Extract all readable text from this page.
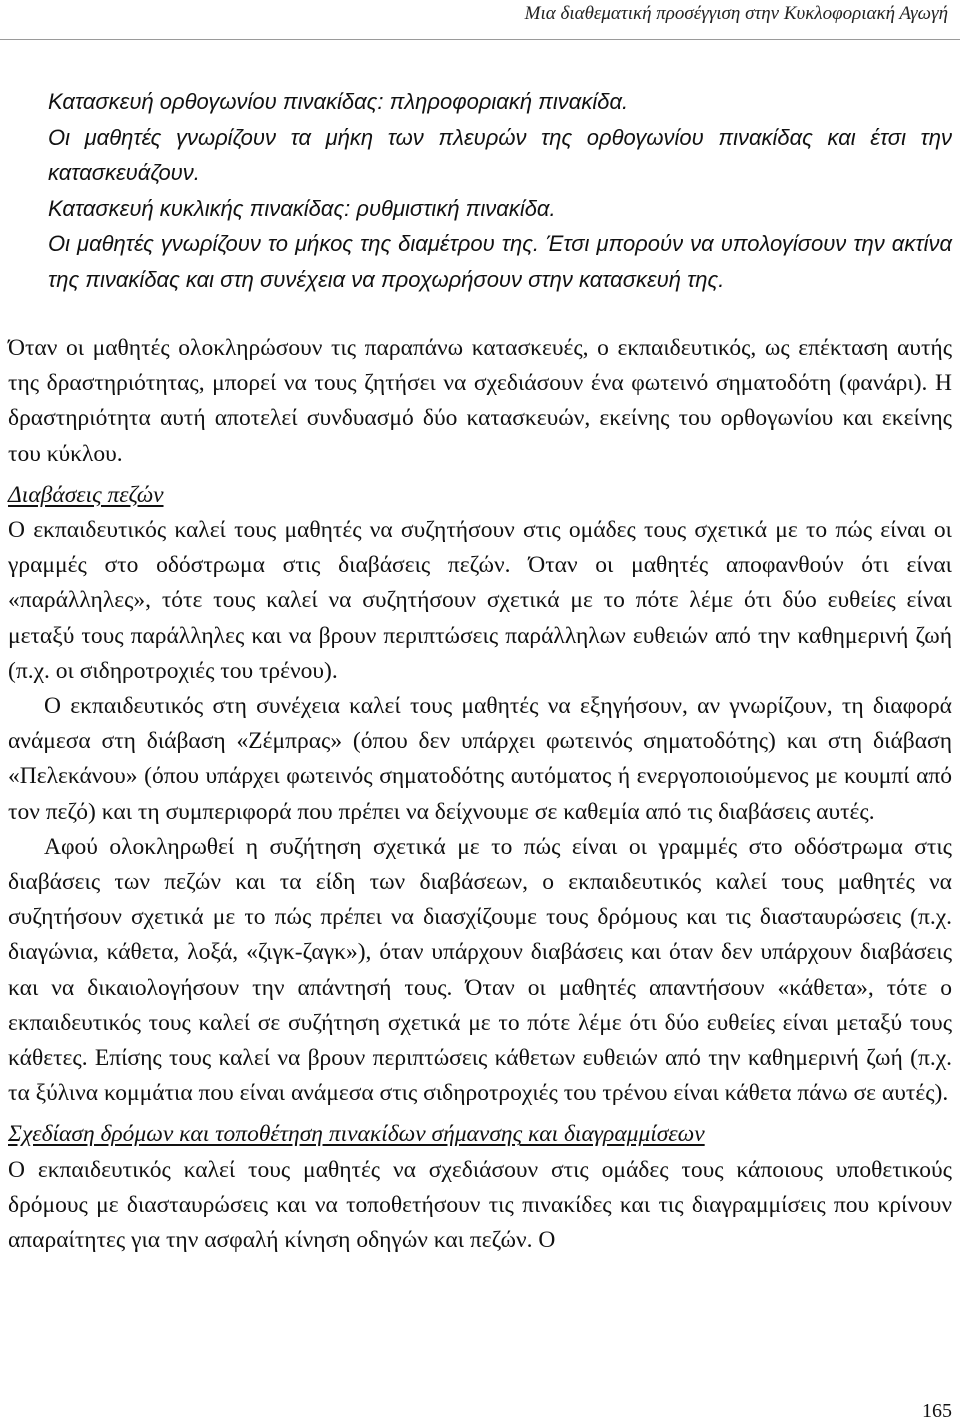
Μια διαθεματική προσέγγιση στην Κυκλοφοριακή Αγωγή

Κατασκευή ορθογωνίου πινακίδας: πληροφοριακή πινακίδα.

Οι μαθητές γνωρίζουν τα μήκη των πλευρών της ορθογωνίου πινακίδας και έτσι την κατασκευάζουν.

Κατασκευή κυκλικής πινακίδας: ρυθμιστική πινακίδα.

Οι μαθητές γνωρίζουν το μήκος της διαμέτρου της. Έτσι μπορούν να υπολογίσουν την ακτίνα της πινακίδας και στη συνέχεια να προχωρήσουν στην κατασκευή της.

Όταν οι μαθητές ολοκληρώσουν τις παραπάνω κατασκευές, ο εκπαιδευτικός, ως επέκταση αυτής της δραστηριότητας, μπορεί να τους ζητήσει να σχεδιάσουν ένα φωτεινό σηματοδότη (φανάρι). Η δραστηριότητα αυτή αποτελεί συνδυασμό δύο κατασκευών, εκείνης του ορθογωνίου και εκείνης του κύκλου.

Διαβάσεις πεζών

Ο εκπαιδευτικός καλεί τους μαθητές να συζητήσουν στις ομάδες τους σχετικά με το πώς είναι οι γραμμές στο οδόστρωμα στις διαβάσεις πεζών. Όταν οι μαθητές αποφανθούν ότι είναι «παράλληλες», τότε τους καλεί να συζητήσουν σχετικά με το πότε λέμε ότι δύο ευθείες είναι μεταξύ τους παράλληλες και να βρουν περιπτώσεις παράλληλων ευθειών από την καθημερινή ζωή (π.χ. οι σιδηροτροχιές του τρένου).

Ο εκπαιδευτικός στη συνέχεια καλεί τους μαθητές να εξηγήσουν, αν γνωρίζουν, τη διαφορά ανάμεσα στη διάβαση «Ζέμπρας» (όπου δεν υπάρχει φωτεινός σηματοδότης) και στη διάβαση «Πελεκάνου» (όπου υπάρχει φωτεινός σηματοδότης αυτόματος ή ενεργοποιούμενος με κουμπί από τον πεζό) και τη συμπεριφορά που πρέπει να δείχνουμε σε καθεμία από τις διαβάσεις αυτές.

Αφού ολοκληρωθεί η συζήτηση σχετικά με το πώς είναι οι γραμμές στο οδόστρωμα στις διαβάσεις των πεζών και τα είδη των διαβάσεων, ο εκπαιδευτικός καλεί τους μαθητές να συζητήσουν σχετικά με το πώς πρέπει να διασχίζουμε τους δρόμους και τις διασταυρώσεις (π.χ. διαγώνια, κάθετα, λοξά, «ζιγκ-ζαγκ»), όταν υπάρχουν διαβάσεις και όταν δεν υπάρχουν διαβάσεις και να δικαιολογήσουν την απάντησή τους. Όταν οι μαθητές απαντήσουν «κάθετα», τότε ο εκπαιδευτικός τους καλεί σε συζήτηση σχετικά με το πότε λέμε ότι δύο ευθείες είναι μεταξύ τους κάθετες. Επίσης τους καλεί να βρουν περιπτώσεις κάθετων ευθειών από την καθημερινή ζωή (π.χ. τα ξύλινα κομμάτια που είναι ανάμεσα στις σιδηροτροχιές του τρένου είναι κάθετα πάνω σε αυτές).

Σχεδίαση δρόμων και τοποθέτηση πινακίδων σήμανσης και διαγραμμίσεων

Ο εκπαιδευτικός καλεί τους μαθητές να σχεδιάσουν στις ομάδες τους κάποιους υποθετικούς δρόμους με διασταυρώσεις και να τοποθετήσουν τις πινακίδες και τις διαγραμμίσεις που κρίνουν απαραίτητες για την ασφαλή κίνηση οδηγών και πεζών. Ο

165
